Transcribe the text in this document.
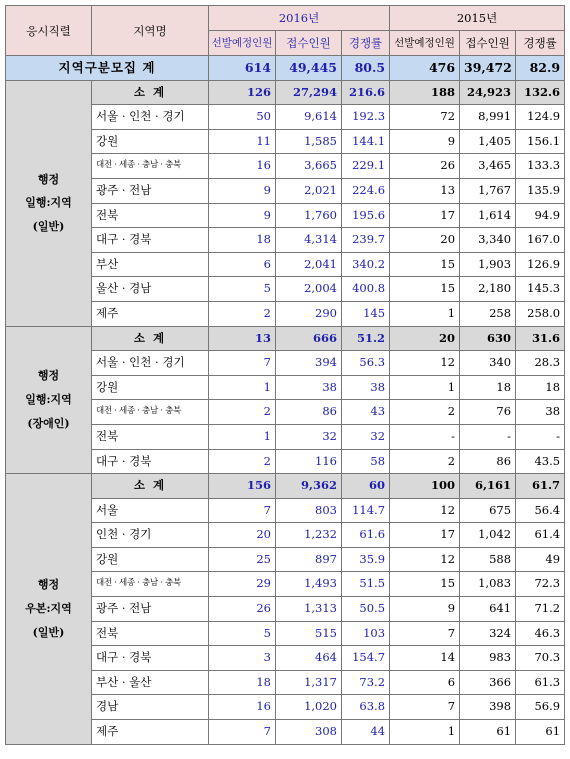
응시직렬	지역명	2016년			2015년		
		선발예정인원	접수인원	경쟁률	선발예정인원	접수인원	경쟁률
지역구분모집 계		614	49,445	80.5	476	39,472	82.9
행정
일행:지역
(일반)	소 계	126	27,294	216.6	188	24,923	132.6
	서울 · 인천 · 경기	50	9,614	192.3	72	8,991	124.9
	강원	11	1,585	144.1	9	1,405	156.1
	대전 · 세종 · 충남 · 충북	16	3,665	229.1	26	3,465	133.3
	광주 · 전남	9	2,021	224.6	13	1,767	135.9
	전북	9	1,760	195.6	17	1,614	94.9
	대구 · 경북	18	4,314	239.7	20	3,340	167.0
	부산	6	2,041	340.2	15	1,903	126.9
	울산 · 경남	5	2,004	400.8	15	2,180	145.3
	제주	2	290	145	1	258	258.0
행정
일행:지역
(장애인)	소 계	13	666	51.2	20	630	31.6
	서울 · 인천 · 경기	7	394	56.3	12	340	28.3
	강원	1	38	38	1	18	18
	대전 · 세종 · 충남 · 충북	2	86	43	2	76	38
	전북	1	32	32	-	-	-
	대구 · 경북	2	116	58	2	86	43.5
행정
우본:지역
(일반)	소 계	156	9,362	60	100	6,161	61.7
	서울	7	803	114.7	12	675	56.4
	인천 · 경기	20	1,232	61.6	17	1,042	61.4
	강원	25	897	35.9	12	588	49
	대전 · 세종 · 충남 · 충북	29	1,493	51.5	15	1,083	72.3
	광주 · 전남	26	1,313	50.5	9	641	71.2
	전북	5	515	103	7	324	46.3
	대구 · 경북	3	464	154.7	14	983	70.3
	부산 · 울산	18	1,317	73.2	6	366	61.3
	경남	16	1,020	63.8	7	398	56.9
	제주	7	308	44	1	61	61
